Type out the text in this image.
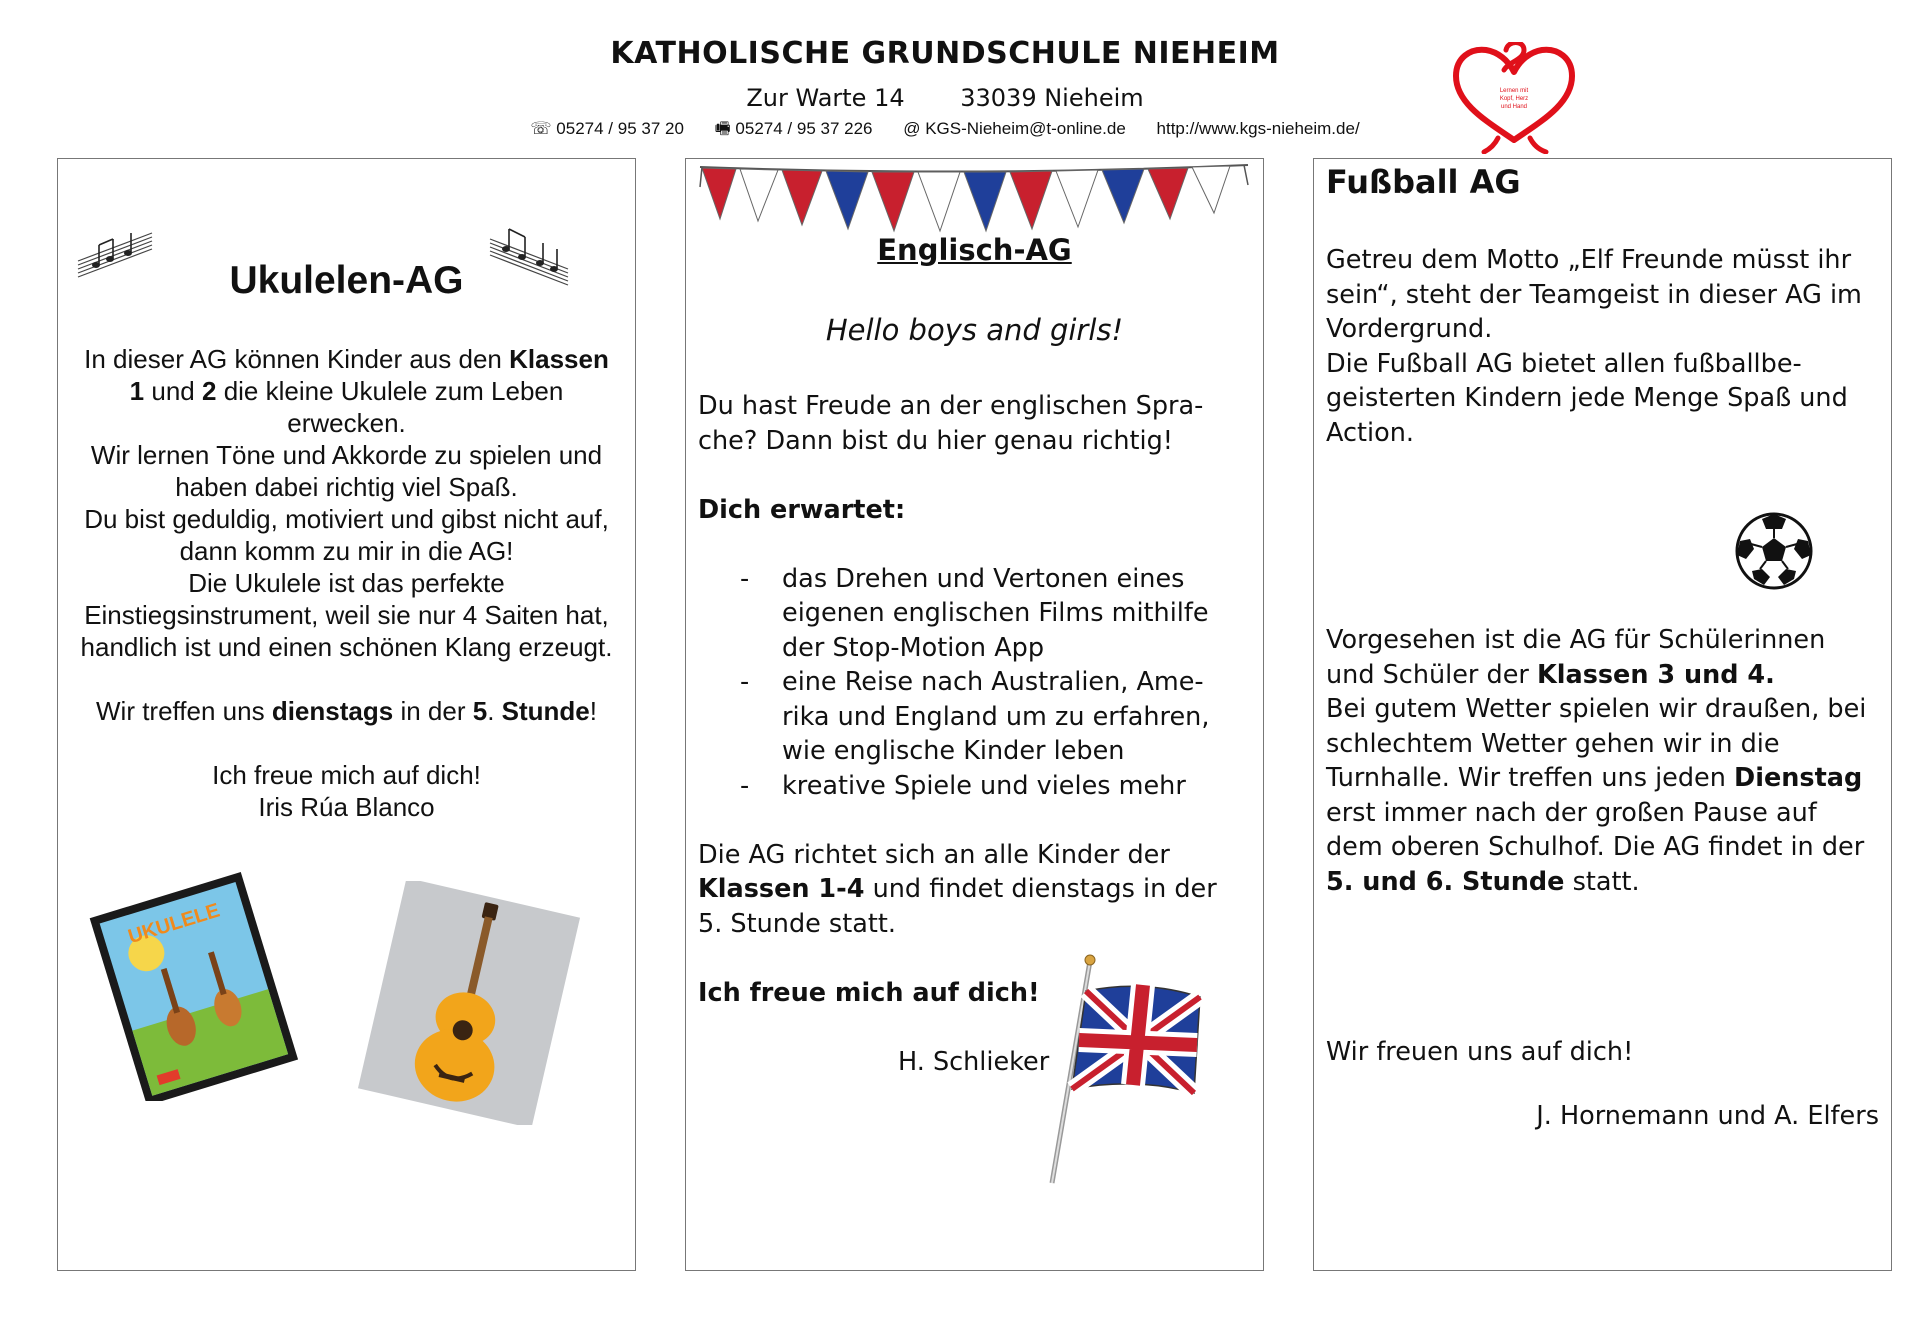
KATHOLISCHE GRUNDSCHULE NIEHEIM
Zur Warte 14 33039 Nieheim
☏ 05274 / 95 37 20 🖷 05274 / 95 37 226 @ KGS-Nieheim@t-online.de http://www.kgs-nieheim.de/
Lernen mit
Kopf, Herz
und Hand
Ukulelen-AG

In dieser AG können Kinder aus den Klassen 1 und 2 die kleine Ukulele zum Leben erwecken.

Wir lernen Töne und Akkorde zu spielen und haben dabei richtig viel Spaß.

Du bist geduldig, motiviert und gibst nicht auf, dann komm zu mir in die AG!

Die Ukulele ist das perfekte Einstiegsinstrument, weil sie nur 4 Saiten hat, handlich ist und einen schönen Klang erzeugt.

Wir treffen uns dienstags in der 5. Stunde!

Ich freue mich auf dich!

Iris Rúa Blanco

UKULELE
Englisch-AG
Hello boys and girls!

Du hast Freude an der englischen Spra-che? Dann bist du hier genau richtig!

Dich erwartet:

- das Drehen und Vertonen eines eigenen englischen Films mithilfe der Stop-Motion App
- eine Reise nach Australien, Ame-rika und England um zu erfahren, wie englische Kinder leben
- kreative Spiele und vieles mehr

Die AG richtet sich an alle Kinder der Klassen 1-4 und findet dienstags in der 5. Stunde statt.

Ich freue mich auf dich!

H. Schlieker
Fußball AG

Getreu dem Motto „Elf Freunde müsst ihr sein“, steht der Teamgeist in dieser AG im Vordergrund.

Die Fußball AG bietet allen fußballbe-geisterten Kindern jede Menge Spaß und Action.

Vorgesehen ist die AG für Schülerinnen und Schüler der Klassen 3 und 4.

Bei gutem Wetter spielen wir draußen, bei schlechtem Wetter gehen wir in die Turnhalle. Wir treffen uns jeden Dienstag erst immer nach der großen Pause auf dem oberen Schulhof. Die AG findet in der 5. und 6. Stunde statt.

Wir freuen uns auf dich!
J. Hornemann und A. Elfers
